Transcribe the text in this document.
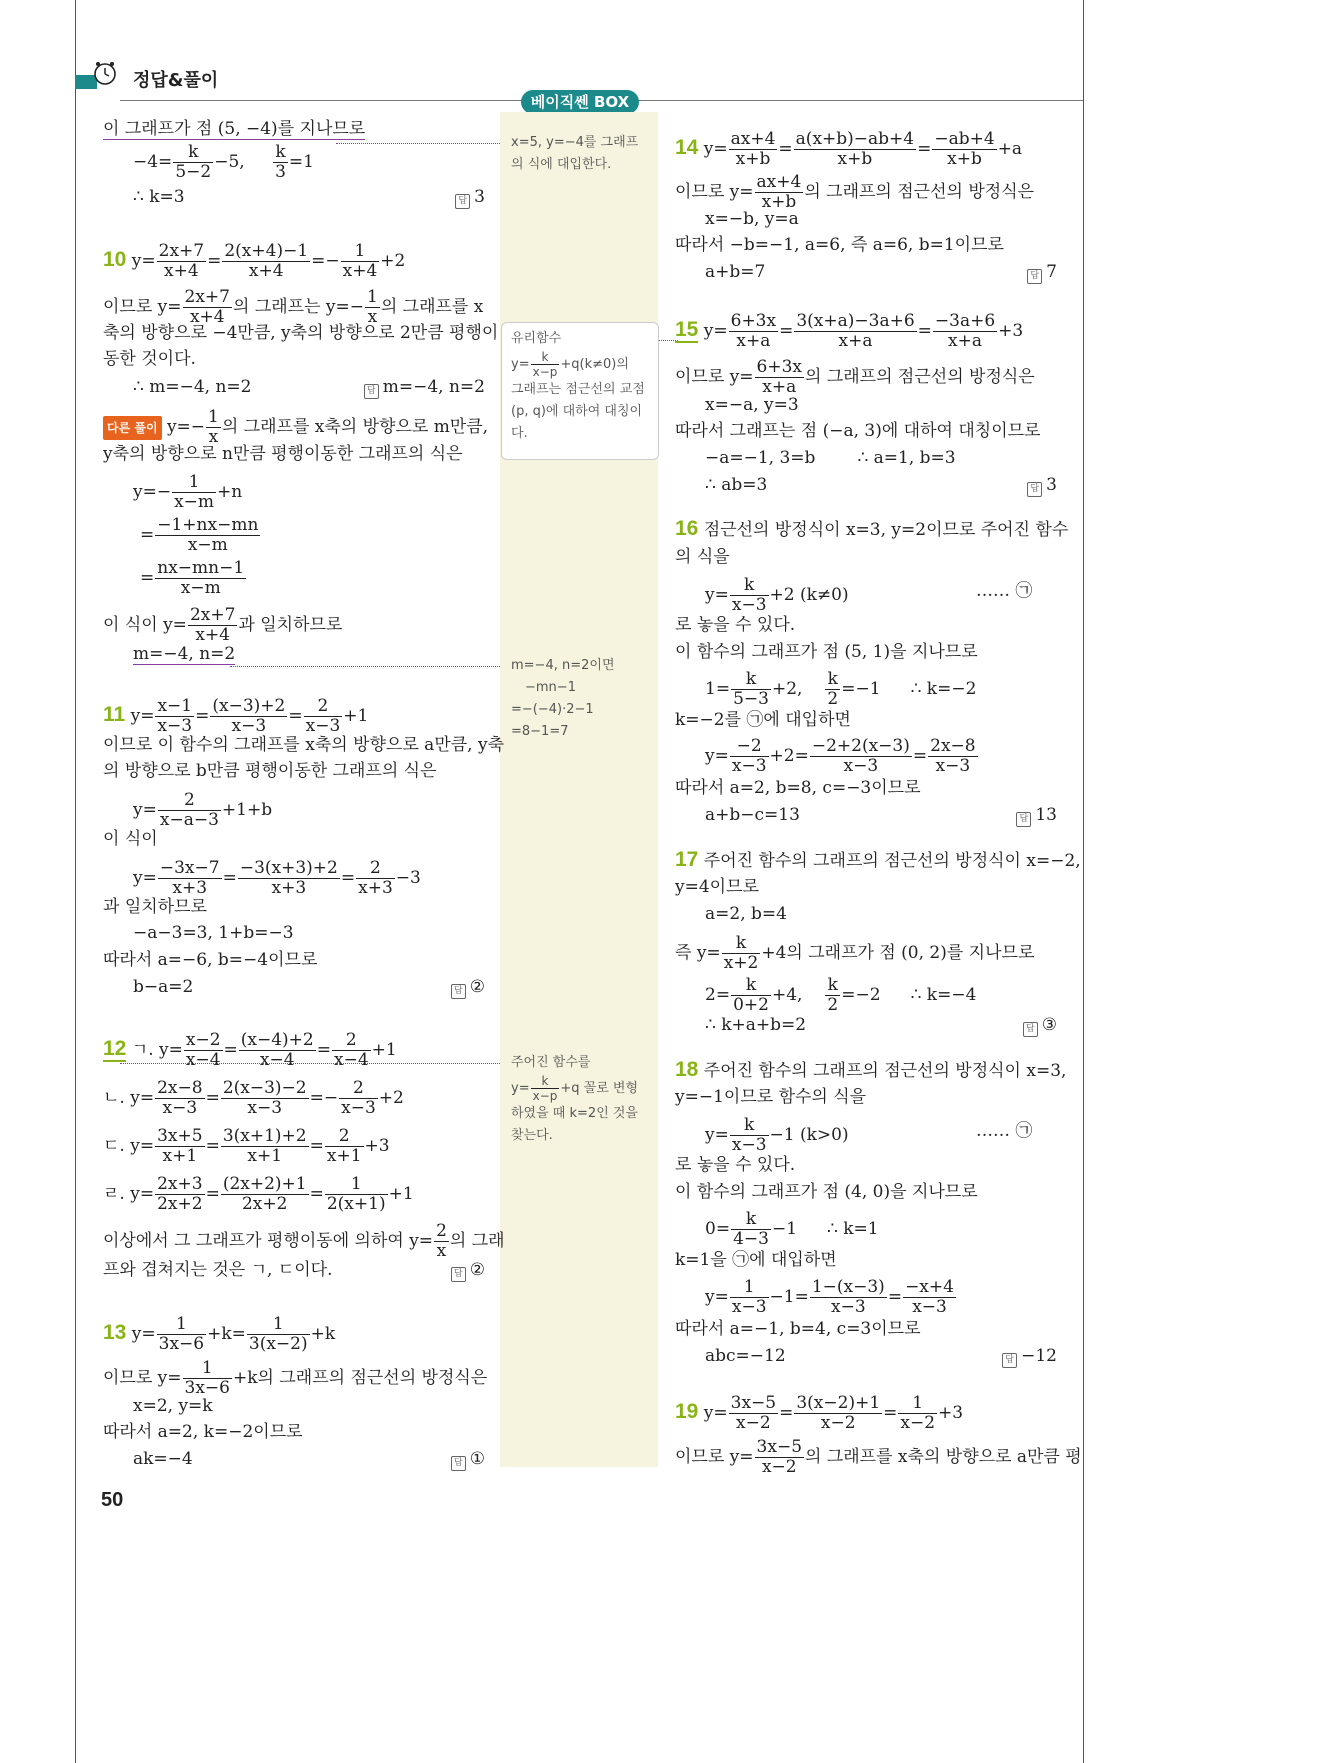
정답&풀이
베이직쎈 BOX
이 그래프가 점 (5, −4)를 지나므로
$-4= \frac{k}{5-2} -5$, $\frac{k}{3} =1$
∴ k=3	답 3
10 $y= \frac{2x+7}{x+4} = \frac{2(x+4)-1}{x+4} =- \frac{1}{x+4} +2$
이므로 $y= \frac{2x+7}{x+4}$ 의 그래프는 $y=- \frac{1}{x}$ 의 그래프를 x
축의 방향으로 −4만큼, y축의 방향으로 2만큼 평행이
동한 것이다.
∴ m=−4, n=2	답 m=−4, n=2
다른 풀이 $y=- \frac{1}{x}$ 의 그래프를 x축의 방향으로 m만큼,
y축의 방향으로 n만큼 평행이동한 그래프의 식은
$y=- \frac{1}{x-m} +n$
= $\frac{-1+nx-mn}{x-m}$
= $\frac{nx-mn-1}{x-m}$
이 식이 $y= \frac{2x+7}{x+4}$ 과 일치하므로
m=−4, n=2
11 $y= \frac{x-1}{x-3} = \frac{(x-3)+2}{x-3} = \frac{2}{x-3} +1$
이므로 이 함수의 그래프를 x축의 방향으로 a만큼, y축
의 방향으로 b만큼 평행이동한 그래프의 식은
$y= \frac{2}{x-a-3} +1+b$
이 식이
$y= \frac{-3x-7}{x+3} = \frac{-3(x+3)+2}{x+3} = \frac{2}{x+3} -3$
과 일치하므로
−a−3=3, 1+b=−3
따라서 a=−6, b=−4이므로
b−a=2	답 ②
12 ㄱ. $y= \frac{x-2}{x-4} = \frac{(x-4)+2}{x-4} = \frac{2}{x-4} +1$
ㄴ. $y= \frac{2x-8}{x-3} = \frac{2(x-3)-2}{x-3} =- \frac{2}{x-3} +2$
ㄷ. $y= \frac{3x+5}{x+1} = \frac{3(x+1)+2}{x+1} = \frac{2}{x+1} +3$
ㄹ. $y= \frac{2x+3}{2x+2} = \frac{(2x+2)+1}{2x+2} = \frac{1}{2(x+1)} +1$
이상에서 그 그래프가 평행이동에 의하여 $y= \frac{2}{x}$ 의 그래
프와 겹쳐지는 것은 ㄱ, ㄷ이다.	답 ②
13 $y= \frac{1}{3x-6} +k= \frac{1}{3(x-2)} +k$
이므로 $y= \frac{1}{3x-6} +k$의 그래프의 점근선의 방정식은
x=2, y=k
따라서 a=2, k=−2이므로
ak=−4	답 ①
50
x=5, y=−4를 그래프
의 식에 대입한다.
유리함수
$y= \frac{k}{x-p} +q(k\ne 0)$의
그래프는 점근선의 교점
(p, q)에 대하여 대칭이
다.
m=−4, n=2이면
−mn−1
=−(−4)·2−1
=8−1=7
주어진 함수를
$y= \frac{k}{x-p} +q$ 꼴로 변형
하였을 때 k=2인 것을
찾는다.
14 $y= \frac{ax+4}{x+b} = \frac{a(x+b)-ab+4}{x+b} = \frac{-ab+4}{x+b} +a$
이므로 $y= \frac{ax+4}{x+b}$ 의 그래프의 점근선의 방정식은
x=−b, y=a
따라서 −b=−1, a=6, 즉 a=6, b=1이므로
a+b=7	답 7
15 $y= \frac{6+3x}{x+a} = \frac{3(x+a)-3a+6}{x+a} = \frac{-3a+6}{x+a} +3$
이므로 $y= \frac{6+3x}{x+a}$ 의 그래프의 점근선의 방정식은
x=−a, y=3
따라서 그래프는 점 (−a, 3)에 대하여 대칭이므로
−a=−1, 3=b ∴ a=1, b=3
∴ ab=3	답 3
16 점근선의 방정식이 x=3, y=2이므로 주어진 함수
의 식을
$y= \frac{k}{x-3} +2$ (k≠0)	…… ㉠
로 놓을 수 있다.
이 함수의 그래프가 점 (5, 1)을 지나므로
$1= \frac{k}{5-3} +2$, $\frac{k}{2} =-1$ ∴ k=−2
k=−2를 ㉠에 대입하면
$y= \frac{-2}{x-3} +2= \frac{-2+2(x-3)}{x-3} = \frac{2x-8}{x-3}$
따라서 a=2, b=8, c=−3이므로
a+b−c=13	답 13
17 주어진 함수의 그래프의 점근선의 방정식이 x=−2,
y=4이므로
a=2, b=4
즉 $y= \frac{k}{x+2} +4$의 그래프가 점 (0, 2)를 지나므로
$2= \frac{k}{0+2} +4$, $\frac{k}{2} =-2$ ∴ k=−4
∴ k+a+b=2	답 ③
18 주어진 함수의 그래프의 점근선의 방정식이 x=3,
y=−1이므로 함수의 식을
$y= \frac{k}{x-3} -1$ (k>0)	…… ㉠
로 놓을 수 있다.
이 함수의 그래프가 점 (4, 0)을 지나므로
$0= \frac{k}{4-3} -1$ ∴ k=1
k=1을 ㉠에 대입하면
$y= \frac{1}{x-3} -1= \frac{1-(x-3)}{x-3} = \frac{-x+4}{x-3}$
따라서 a=−1, b=4, c=3이므로
abc=−12	답 −12
19 $y= \frac{3x-5}{x-2} = \frac{3(x-2)+1}{x-2} = \frac{1}{x-2} +3$
이므로 $y= \frac{3x-5}{x-2}$ 의 그래프를 x축의 방향으로 a만큼 평
